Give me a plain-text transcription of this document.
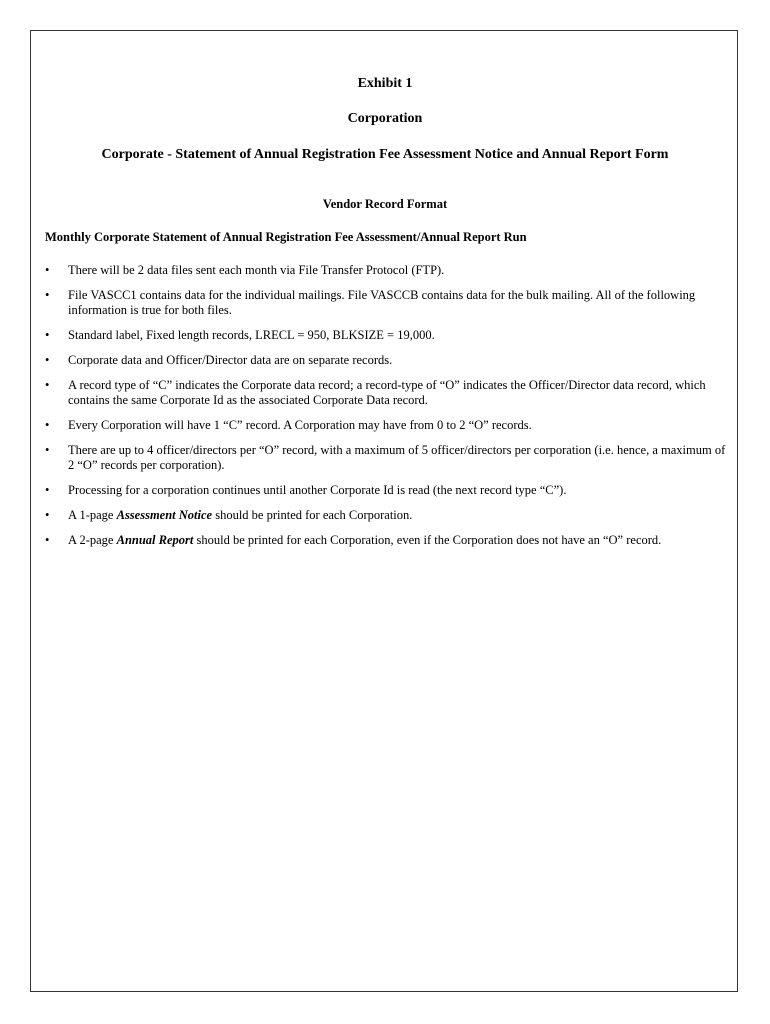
Exhibit 1
Corporation
Corporate - Statement of Annual Registration Fee Assessment Notice and Annual Report Form
Vendor Record Format
Monthly Corporate Statement of Annual Registration Fee Assessment/Annual Report Run
• There will be 2 data files sent each month via File Transfer Protocol (FTP).
• File VASCC1 contains data for the individual mailings. File VASCCB contains data for the bulk mailing. All of the following information is true for both files.
• Standard label, Fixed length records, LRECL = 950, BLKSIZE = 19,000.
• Corporate data and Officer/Director data are on separate records.
• A record type of “C” indicates the Corporate data record; a record-type of “O” indicates the Officer/Director data record, which contains the same Corporate Id as the associated Corporate Data record.
• Every Corporation will have 1 “C” record. A Corporation may have from 0 to 2 “O” records.
• There are up to 4 officer/directors per “O” record, with a maximum of 5 officer/directors per corporation (i.e. hence, a maximum of 2 “O” records per corporation).
• Processing for a corporation continues until another Corporate Id is read (the next record type “C”).
• A 1-page Assessment Notice should be printed for each Corporation.
• A 2-page Annual Report should be printed for each Corporation, even if the Corporation does not have an “O” record.
